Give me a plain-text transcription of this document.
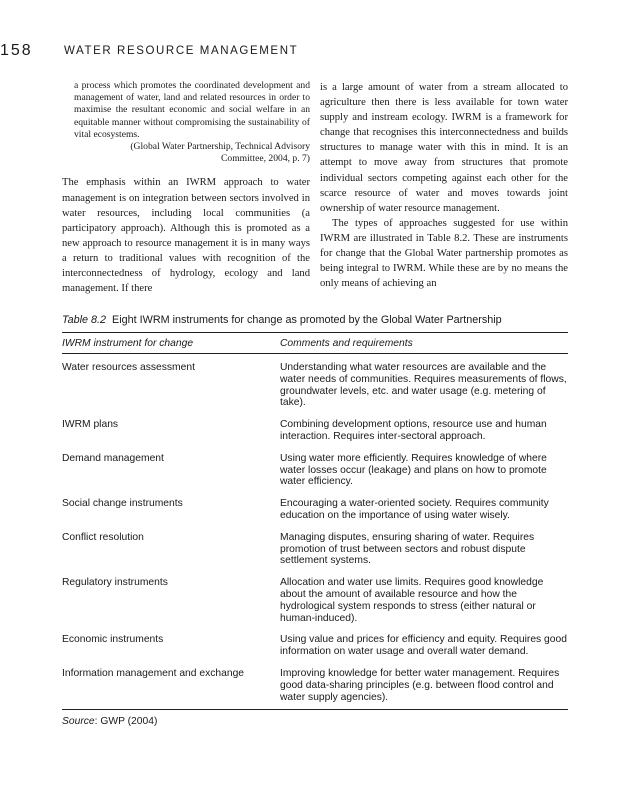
158	WATER RESOURCE MANAGEMENT
a process which promotes the coordinated development and management of water, land and related resources in order to maximise the resultant economic and social welfare in an equitable manner without compromising the sustainability of vital ecosystems.
(Global Water Partnership, Technical Advisory
Committee, 2004, p. 7)

The emphasis within an IWRM approach to water management is on integration between sectors involved in water resources, including local communities (a participatory approach). Although this is promoted as a new approach to resource management it is in many ways a return to traditional values with recognition of the interconnectedness of hydrology, ecology and land management. If there

is a large amount of water from a stream allocated to agriculture then there is less available for town water supply and instream ecology. IWRM is a framework for change that recognises this interconnectedness and builds structures to manage water with this in mind. It is an attempt to move away from structures that promote individual sectors competing against each other for the scarce resource of water and moves towards joint ownership of water resource management.

The types of approaches suggested for use within IWRM are illustrated in Table 8.2. These are instruments for change that the Global Water partnership promotes as being integral to IWRM. While these are by no means the only means of achieving an

Table 8.2 Eight IWRM instruments for change as promoted by the Global Water Partnership
IWRM instrument for change	Comments and requirements
Water resources assessment	Understanding what water resources are available and the water needs of communities. Requires measurements of flows, groundwater levels, etc. and water usage (e.g. metering of take).
IWRM plans	Combining development options, resource use and human interaction. Requires inter-sectoral approach.
Demand management	Using water more efficiently. Requires knowledge of where water losses occur (leakage) and plans on how to promote water efficiency.
Social change instruments	Encouraging a water-oriented society. Requires community education on the importance of using water wisely.
Conflict resolution	Managing disputes, ensuring sharing of water. Requires promotion of trust between sectors and robust dispute settlement systems.
Regulatory instruments	Allocation and water use limits. Requires good knowledge about the amount of available resource and how the hydrological system responds to stress (either natural or human-induced).
Economic instruments	Using value and prices for efficiency and equity. Requires good information on water usage and overall water demand.
Information management and exchange	Improving knowledge for better water management. Requires good data-sharing principles (e.g. between flood control and water supply agencies).
Source: GWP (2004)
